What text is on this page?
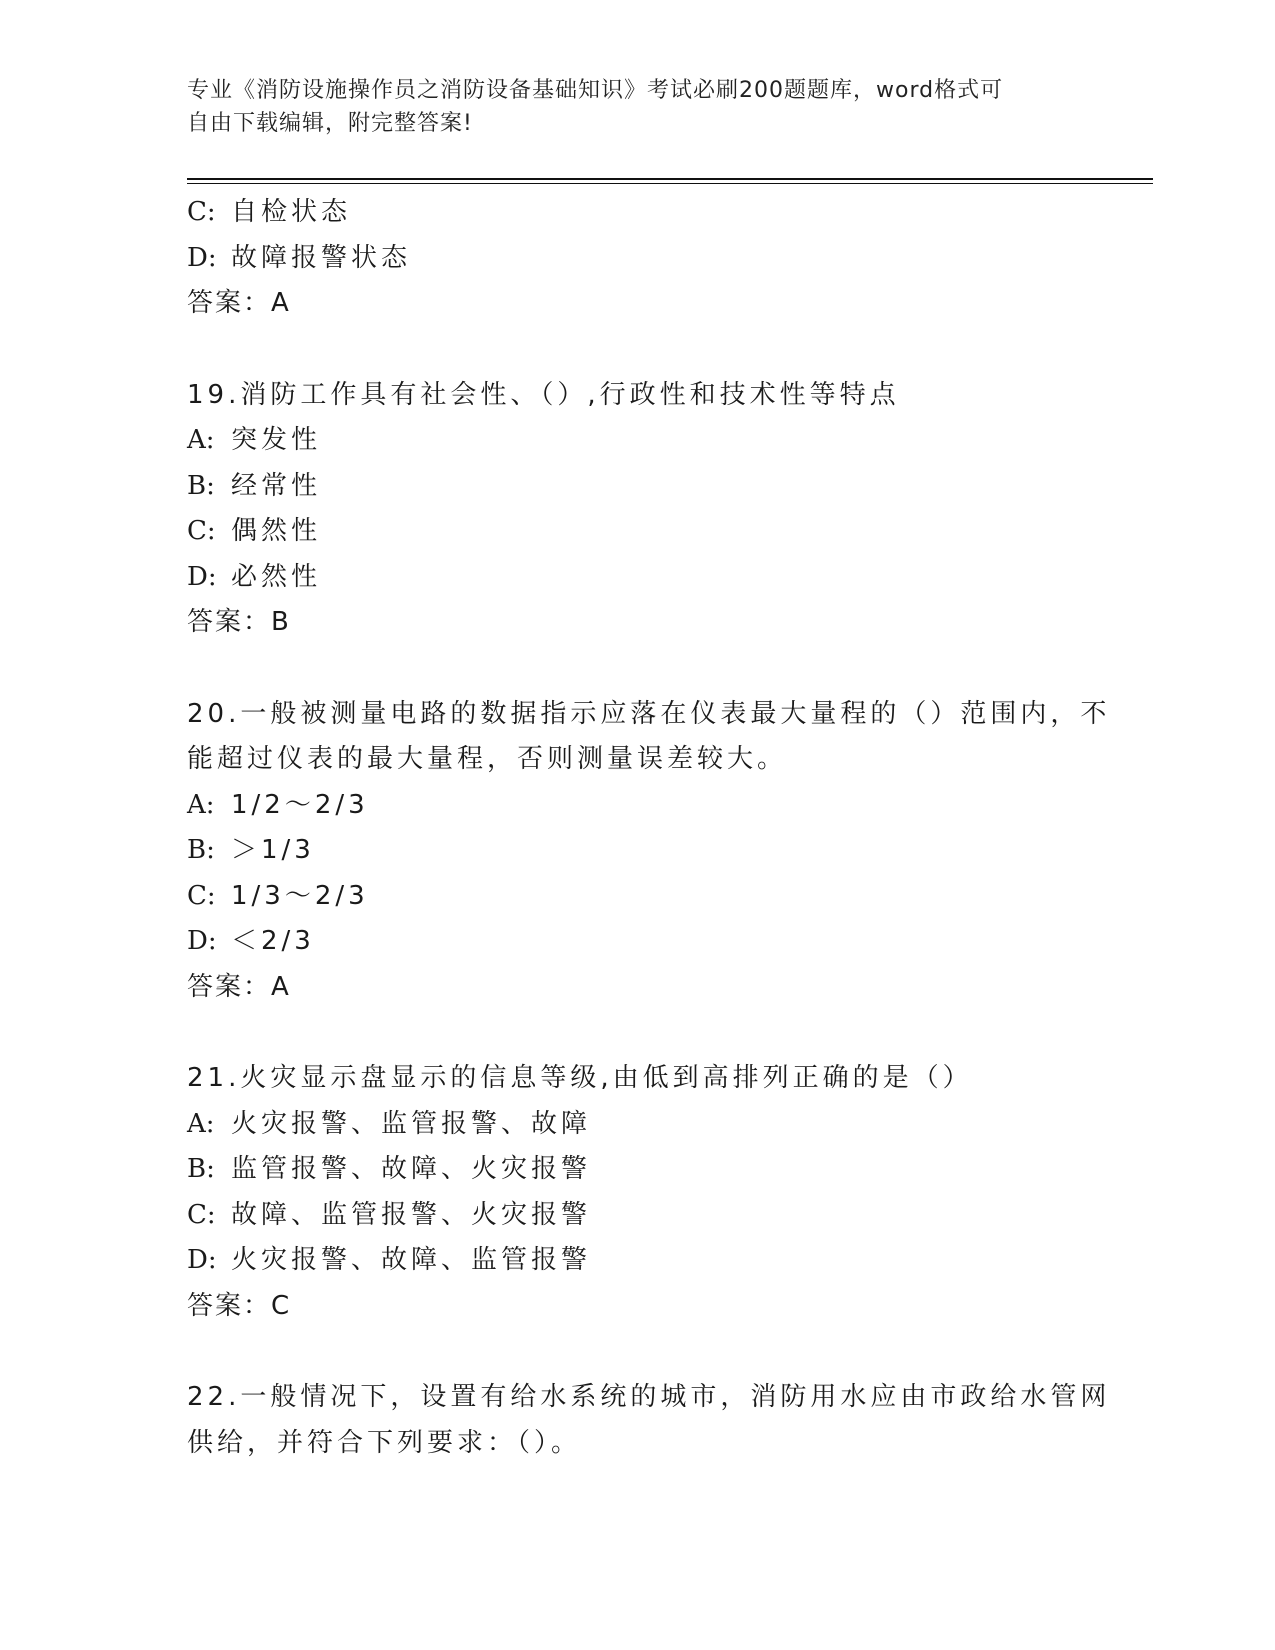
专业《消防设施操作员之消防设备基础知识》考试必刷200题题库，word格式可
自由下载编辑，附完整答案!
C: 自检状态
D: 故障报警状态
答案：A
19.消防工作具有社会性、（）,行政性和技术性等特点
A: 突发性
B: 经常性
C: 偶然性
D: 必然性
答案：B
20.一般被测量电路的数据指示应落在仪表最大量程的（）范围内，不
能超过仪表的最大量程，否则测量误差较大。
A: 1/2～2/3
B: ＞1/3
C: 1/3～2/3
D: ＜2/3
答案：A
21.火灾显示盘显示的信息等级,由低到高排列正确的是（）
A: 火灾报警、监管报警、故障
B: 监管报警、故障、火灾报警
C: 故障、监管报警、火灾报警
D: 火灾报警、故障、监管报警
答案：C
22.一般情况下，设置有给水系统的城市，消防用水应由市政给水管网
供给，并符合下列要求：（）。
